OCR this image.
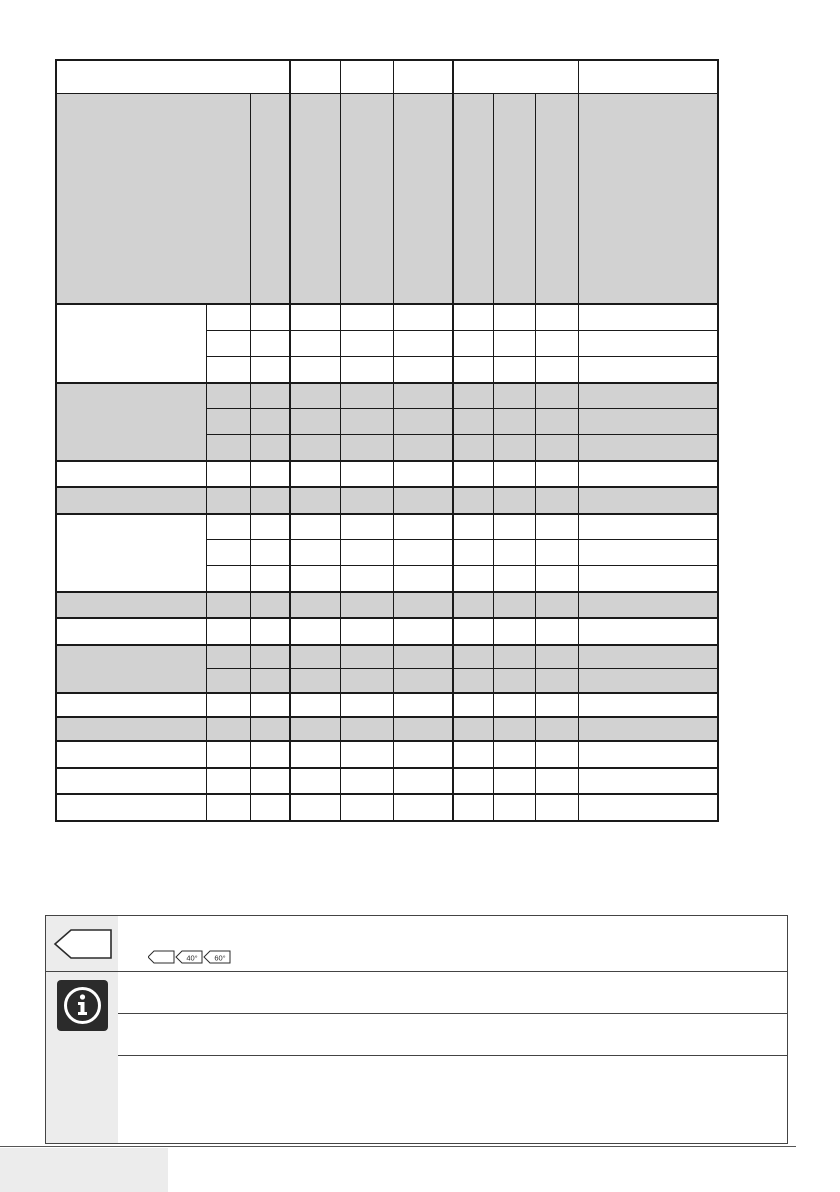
40° 60°
